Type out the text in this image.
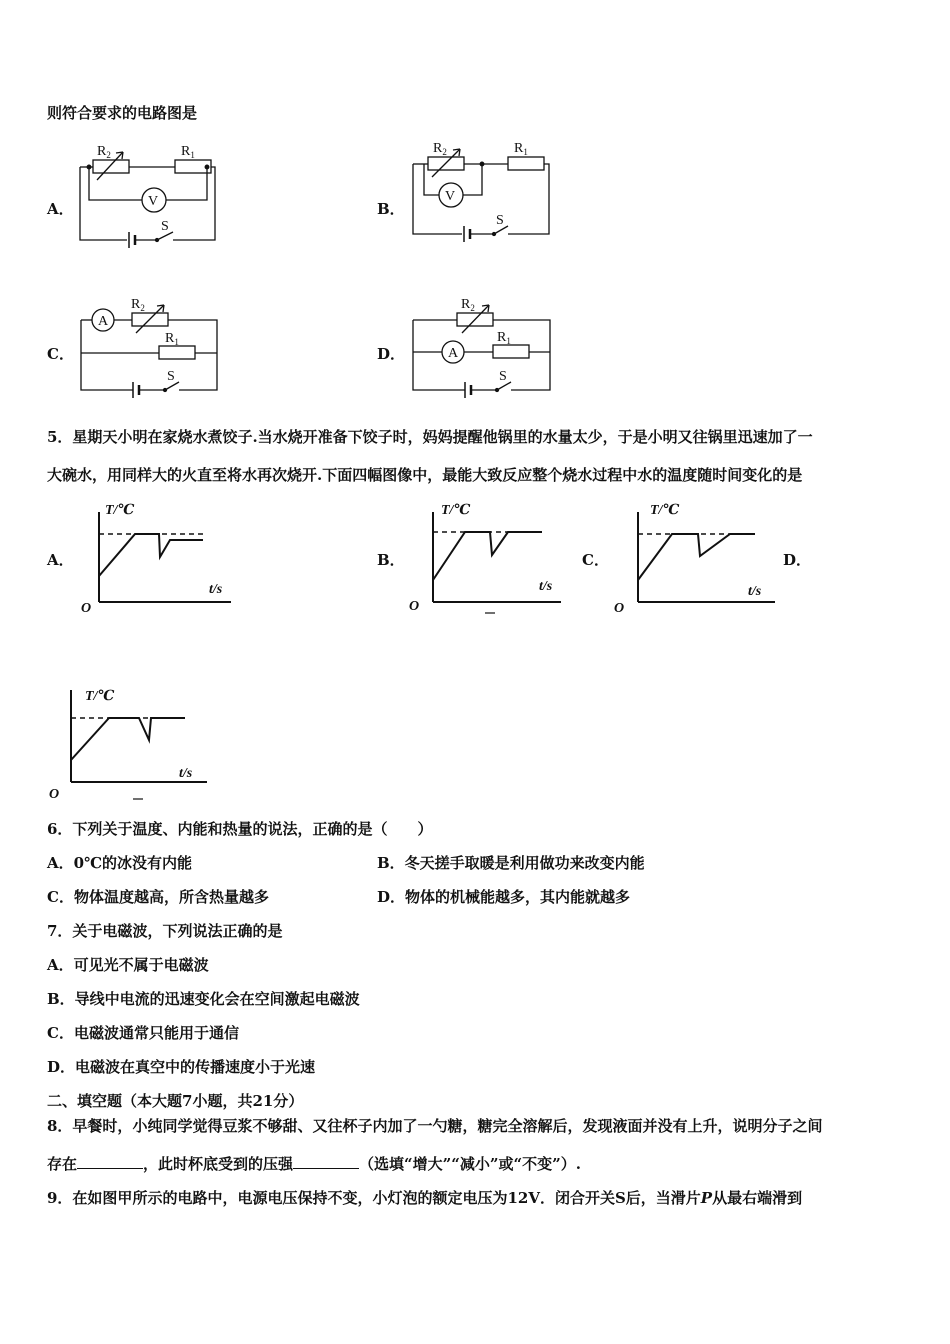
则符合要求的电路图是
A．	B．
C．	D．
$R_2$	$R_1$
V
S
$R_2$	$R_1$
V
S
A
$R_2$
$R_1$
S
$R_2$
A
$R_1$
S
5．星期天小明在家烧水煮饺子.当水烧开准备下饺子时，妈妈提醒他锅里的水量太少，于是小明又往锅里迅速加了一
大碗水，用同样大的火直至将水再次烧开.下面四幅图像中，最能大致反应整个烧水过程中水的温度随时间变化的是
A．	B．	C．	D．
T/℃
t/s
O
T/℃
t/s
O
T/℃
t/s
O
T/℃
t/s
O
6．下列关于温度、内能和热量的说法，正确的是（　　）
A．0℃的冰没有内能	B．冬天搓手取暖是利用做功来改变内能
C．物体温度越高，所含热量越多	D．物体的机械能越多，其内能就越多
7．关于电磁波，下列说法正确的是
A．可见光不属于电磁波
B．导线中电流的迅速变化会在空间激起电磁波
C．电磁波通常只能用于通信
D．电磁波在真空中的传播速度小于光速
二、填空题（本大题7小题，共21分）
8．早餐时，小纯同学觉得豆浆不够甜、又往杯子内加了一勺糖，糖完全溶解后，发现液面并没有上升，说明分子之间
存在	，此时杯底受到的压强	（选填“增大”“减小”或“不变”）.
9．在如图甲所示的电路中，电源电压保持不变，小灯泡的额定电压为12V．闭合开关S后，当滑片P从最右端滑到
